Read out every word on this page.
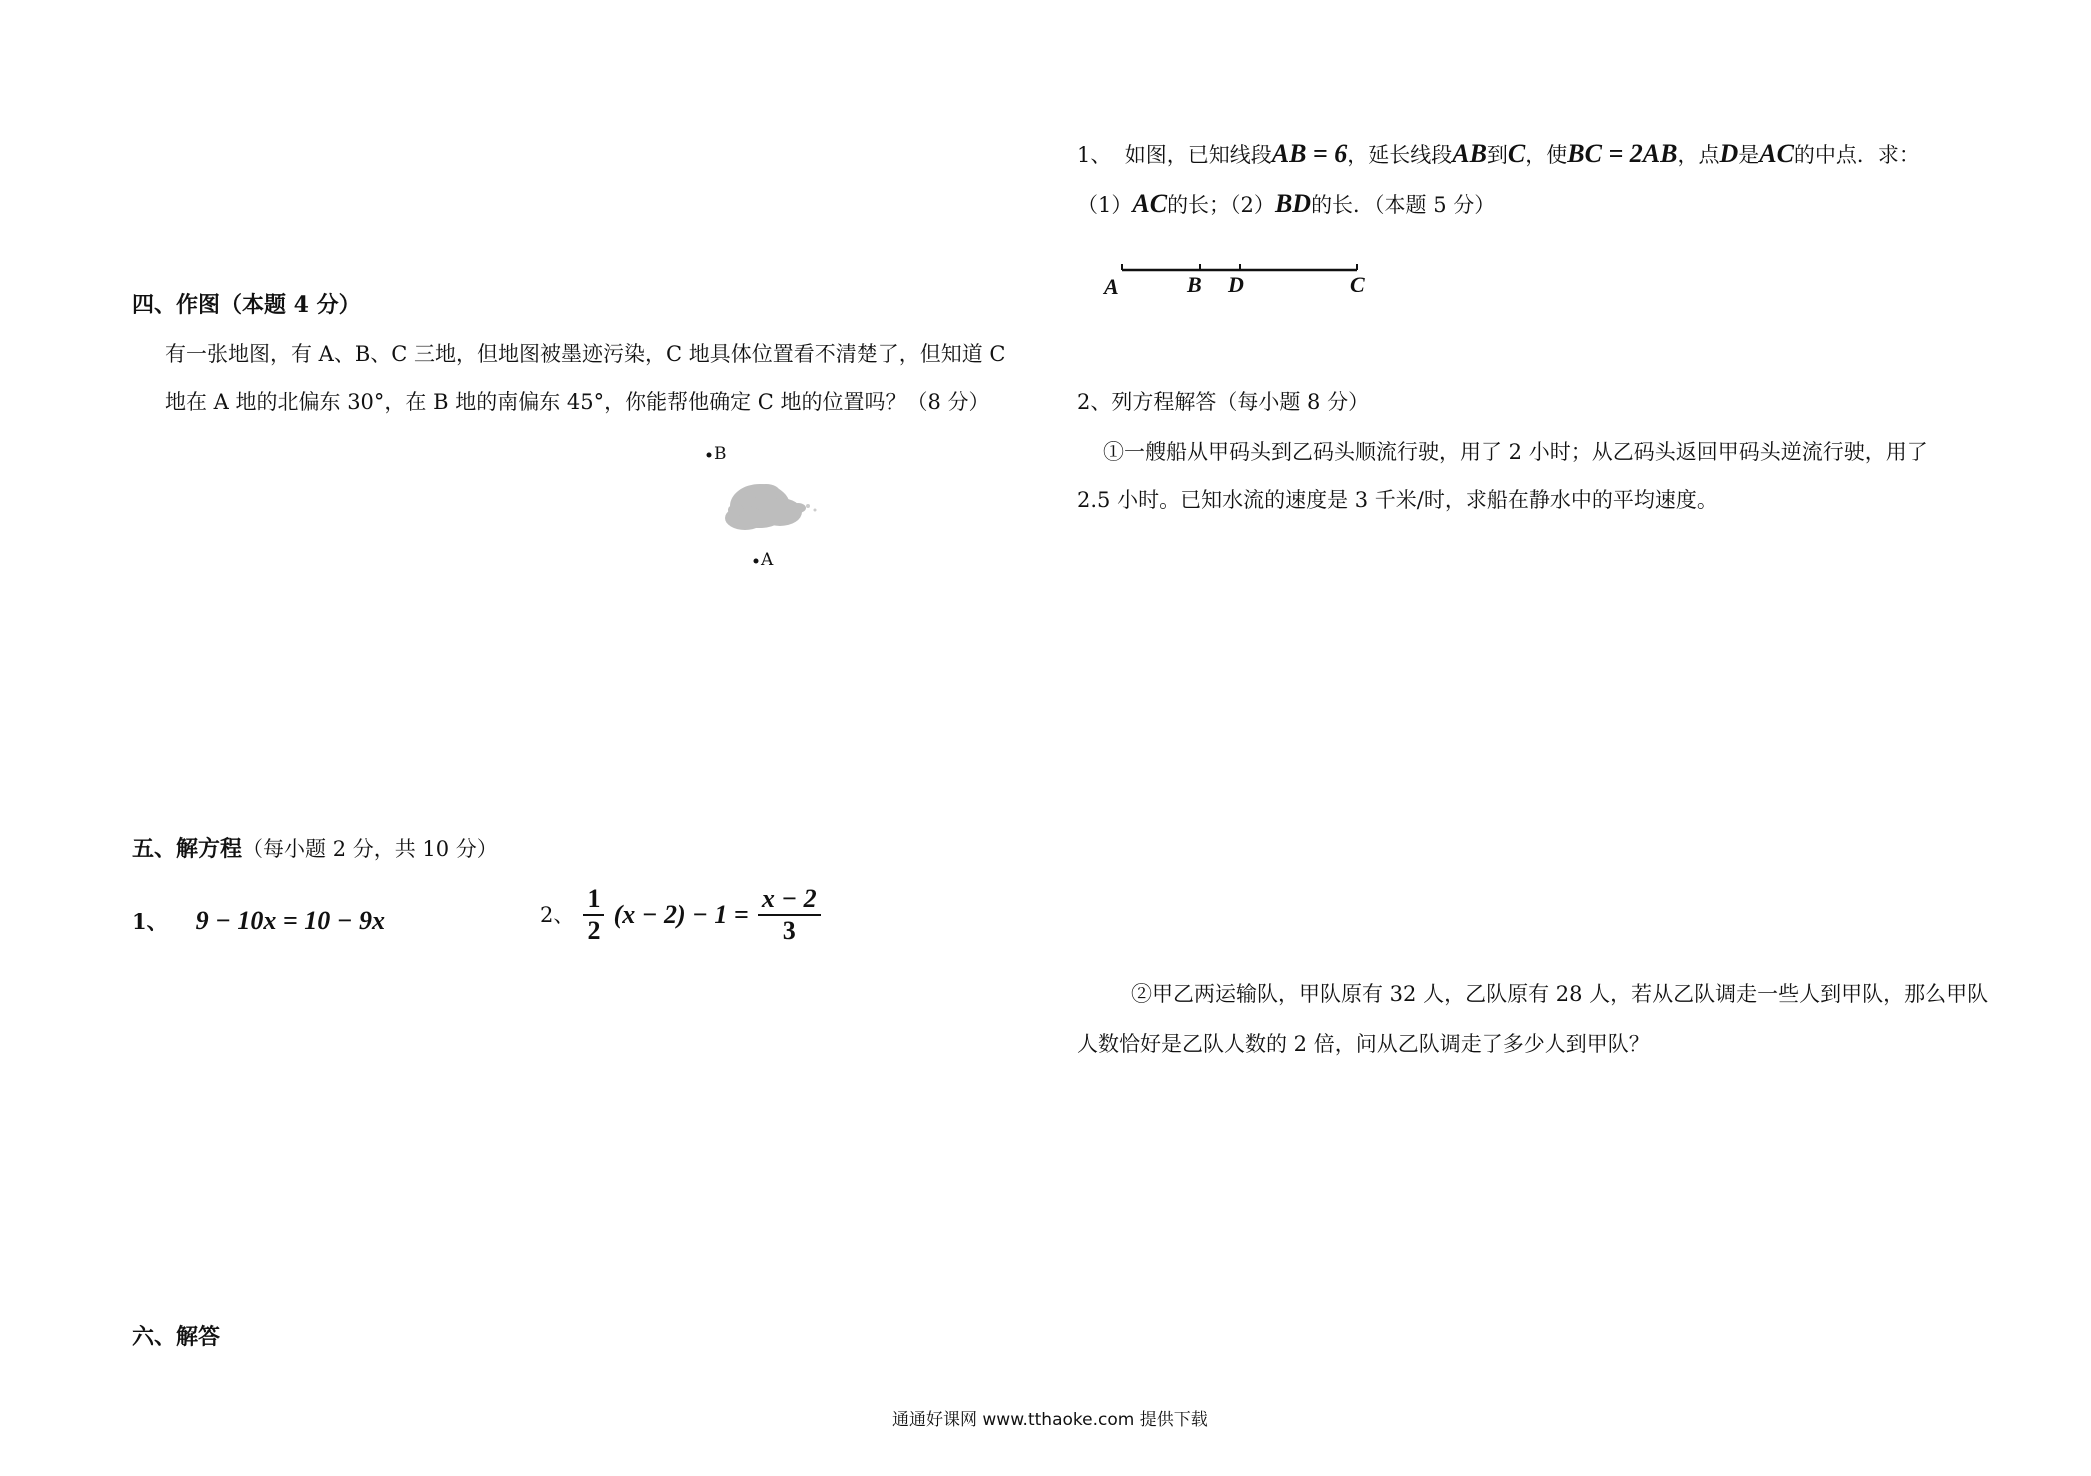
四、作图（本题 4 分）
有一张地图，有 A、B、C 三地，但地图被墨迹污染，C 地具体位置看不清楚了，但知道 C
地在 A 地的北偏东 30°，在 B 地的南偏东 45°，你能帮他确定 C 地的位置吗？（8 分）
B
A
五、解方程（每小题 2 分，共 10 分）
1、 9 − 10x = 10 − 9x	2、 $\frac{1}{2} (x - 2) - 1 = \frac{x - 2}{3}$
六、解答
1、 如图，已知线段AB = 6，延长线段AB到C，使BC = 2AB，点D是AC的中点．求：
（1）AC的长；（2）BD的长．（本题 5 分）
A	B D	C
2、列方程解答（每小题 8 分）
①一艘船从甲码头到乙码头顺流行驶，用了 2 小时；从乙码头返回甲码头逆流行驶，用了
2.5 小时。已知水流的速度是 3 千米/时，求船在静水中的平均速度。
②甲乙两运输队，甲队原有 32 人，乙队原有 28 人，若从乙队调走一些人到甲队，那么甲队
人数恰好是乙队人数的 2 倍，问从乙队调走了多少人到甲队？
通通好课网 www.tthaoke.com 提供下载
